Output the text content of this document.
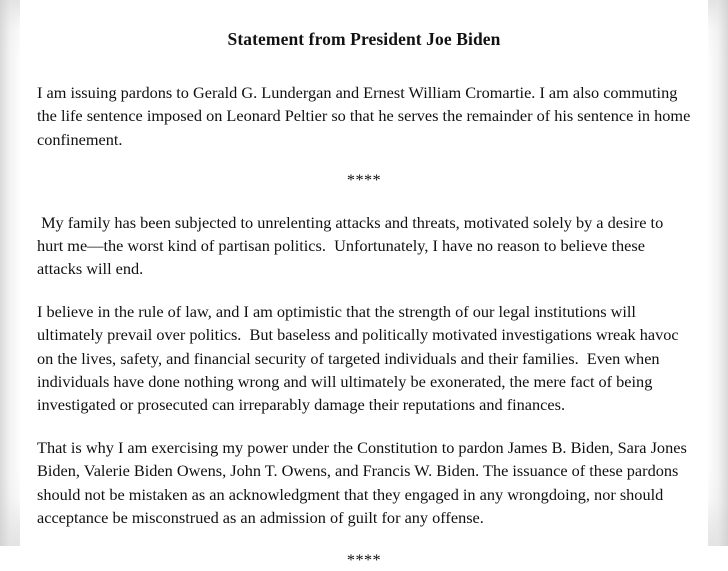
Statement from President Joe Biden

I am issuing pardons to Gerald G. Lundergan and Ernest William Cromartie. I am also commuting the life sentence imposed on Leonard Peltier so that he serves the remainder of his sentence in home confinement.

****

My family has been subjected to unrelenting attacks and threats, motivated solely by a desire to hurt me—the worst kind of partisan politics.  Unfortunately, I have no reason to believe these attacks will end.

I believe in the rule of law, and I am optimistic that the strength of our legal institutions will ultimately prevail over politics.  But baseless and politically motivated investigations wreak havoc on the lives, safety, and financial security of targeted individuals and their families.  Even when individuals have done nothing wrong and will ultimately be exonerated, the mere fact of being investigated or prosecuted can irreparably damage their reputations and finances.

That is why I am exercising my power under the Constitution to pardon James B. Biden, Sara Jones Biden, Valerie Biden Owens, John T. Owens, and Francis W. Biden. The issuance of these pardons should not be mistaken as an acknowledgment that they engaged in any wrongdoing, nor should acceptance be misconstrued as an admission of guilt for any offense.

****
